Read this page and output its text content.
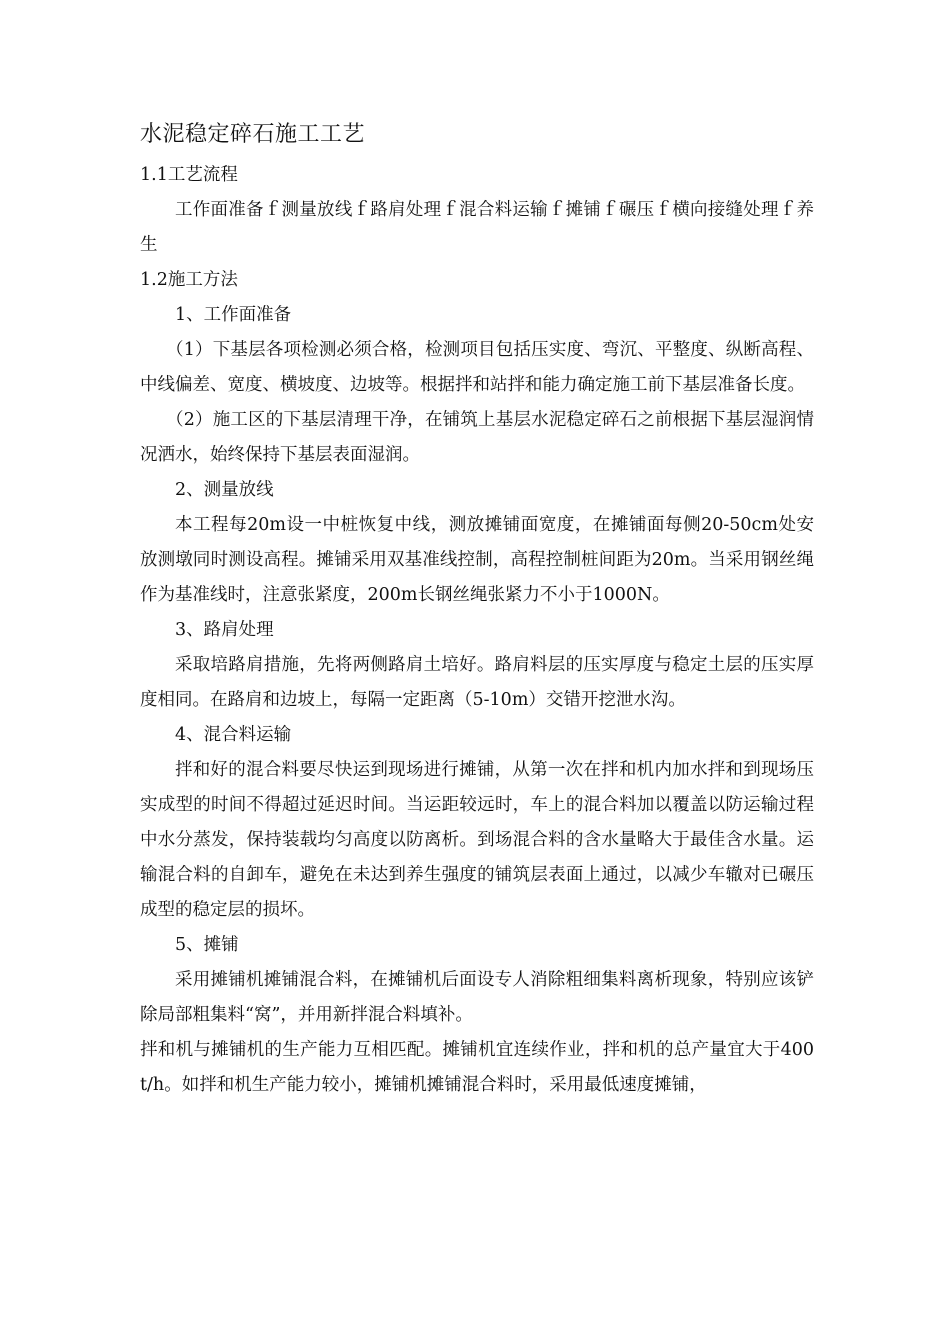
水泥稳定碎石施工工艺

1.1工艺流程

工作面准备ｆ测量放线ｆ路肩处理ｆ混合料运输ｆ摊铺ｆ碾压ｆ横向接缝处理ｆ养生

1.2施工方法

1、工作面准备

（1）下基层各项检测必须合格，检测项目包括压实度、弯沉、平整度、纵断高程、中线偏差、宽度、横坡度、边坡等。根据拌和站拌和能力确定施工前下基层准备长度。

（2）施工区的下基层清理干净，在铺筑上基层水泥稳定碎石之前根据下基层湿润情况洒水，始终保持下基层表面湿润。

2、测量放线

本工程每20m设一中桩恢复中线，测放摊铺面宽度，在摊铺面每侧20-50cm处安放测墩同时测设高程。摊铺采用双基准线控制，高程控制桩间距为20m。当采用钢丝绳作为基准线时，注意张紧度，200m长钢丝绳张紧力不小于1000N。

3、路肩处理

采取培路肩措施，先将两侧路肩土培好。路肩料层的压实厚度与稳定土层的压实厚度相同。在路肩和边坡上，每隔一定距离（5-10m）交错开挖泄水沟。

4、混合料运输

拌和好的混合料要尽快运到现场进行摊铺，从第一次在拌和机内加水拌和到现场压实成型的时间不得超过延迟时间。当运距较远时，车上的混合料加以覆盖以防运输过程中水分蒸发，保持装载均匀高度以防离析。到场混合料的含水量略大于最佳含水量。运输混合料的自卸车，避免在未达到养生强度的铺筑层表面上通过，以减少车辙对已碾压成型的稳定层的损坏。

5、摊铺

采用摊铺机摊铺混合料，在摊铺机后面设专人消除粗细集料离析现象，特别应该铲除局部粗集料“窝”，并用新拌混合料填补。

拌和机与摊铺机的生产能力互相匹配。摊铺机宜连续作业，拌和机的总产量宜大于400t/h。如拌和机生产能力较小，摊铺机摊铺混合料时，采用最低速度摊铺，
